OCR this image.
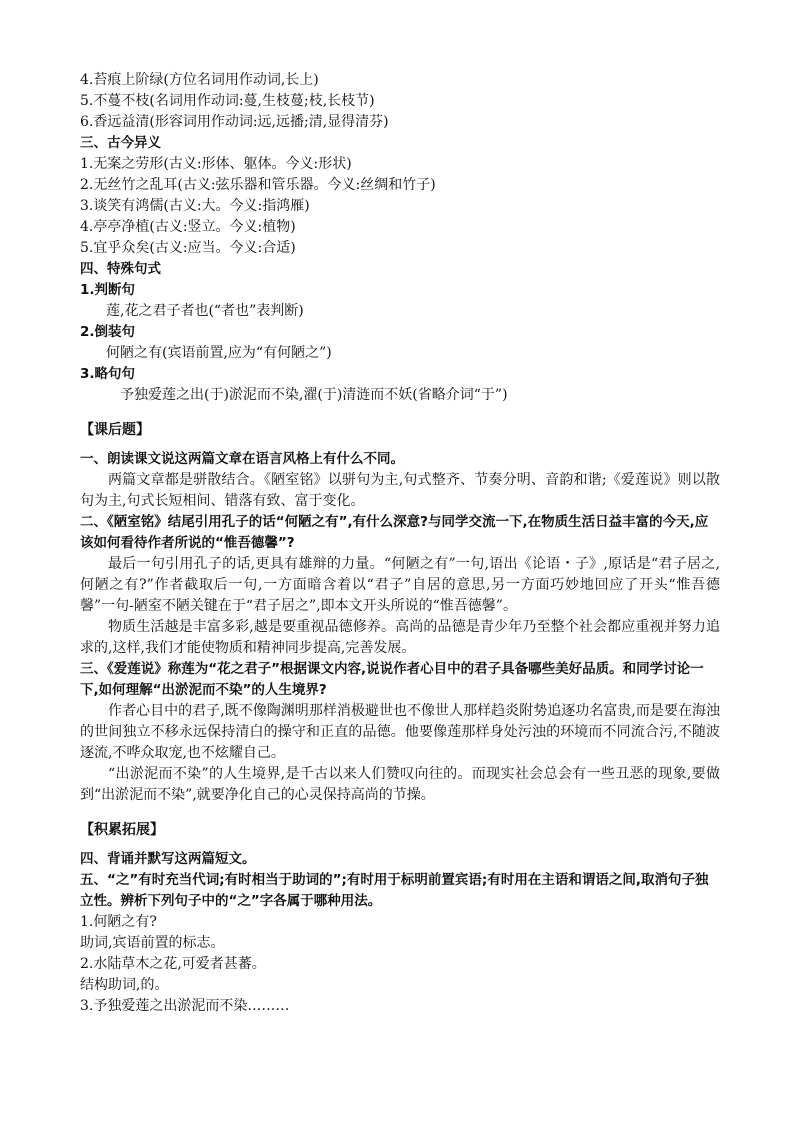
4.苔痕上阶绿(方位名词用作动词,长上)

5.不蔓不枝(名词用作动词:蔓,生枝蔓;枝,长枝节)

6.香远益清(形容词用作动词:远,远播;清,显得清芬)

三、古今异义

1.无案之劳形(古义:形体、躯体。今义:形状)

2.无丝竹之乱耳(古义:弦乐器和管乐器。今义:丝绸和竹子)

3.谈笑有鸿儒(古义:大。今义:指鸿雁)

4.亭亭净植(古义:竖立。今义:植物)

5.宜乎众矣(古义:应当。今义:合适)

四、特殊句式

1.判断句

莲,花之君子者也(“者也”表判断)

2.倒装句

何陋之有(宾语前置,应为“有何陋之”)

3.略句句

予独爱莲之出(于)淤泥而不染,濯(于)清涟而不妖(省略介词“于”)

【课后题】

一、朗读课文说这两篇文章在语言风格上有什么不同。

两篇文章都是骈散结合。《陋室铭》以骈句为主,句式整齐、节奏分明、音韵和谐;《爱莲说》则以散句为主,句式长短相间、错落有致、富于变化。

二、《陋室铭》结尾引用孔子的话“何陋之有”,有什么深意?与同学交流一下,在物质生活日益丰富的今天,应该如何看待作者所说的“惟吾德馨”?

最后一句引用孔子的话,更具有雄辩的力量。“何陋之有”一句,语出《论语・子》,原话是“君子居之,何陋之有?”作者截取后一句,一方面暗含着以“君子”自居的意思,另一方面巧妙地回应了开头“惟吾德馨”一句-陋室不陋关键在于“君子居之”,即本文开头所说的“惟吾德馨”。

物质生活越是丰富多彩,越是要重视品德修养。高尚的品德是青少年乃至整个社会都应重视并努力追求的,这样,我们才能使物质和精神同步提高,完善发展。

三、《爱莲说》称莲为“花之君子”根据课文内容,说说作者心目中的君子具备哪些美好品质。和同学讨论一下,如何理解“出淤泥而不染”的人生境界?

作者心目中的君子,既不像陶渊明那样消极避世也不像世人那样趋炎附势追逐功名富贵,而是要在海浊的世间独立不移永远保持清白的操守和正直的品德。他要像莲那样身处污浊的环境而不同流合污,不随波逐流,不哗众取宠,也不炫耀自己。

“出淤泥而不染”的人生境界,是千古以来人们赞叹向往的。而现实社会总会有一些丑恶的现象,要做到“出淤泥而不染”,就要净化自己的心灵保持高尚的节操。

【积累拓展】

四、背诵并默写这两篇短文。

五、“之”有时充当代词;有时相当于助词的”;有时用于标明前置宾语;有时用在主语和谓语之间,取消句子独立性。辨析下列句子中的“之”字各属于哪种用法。

1.何陋之有?

助词,宾语前置的标志。

2.水陆草木之花,可爱者甚蕃。

结构助词,的。

3.予独爱莲之出淤泥而不染………
